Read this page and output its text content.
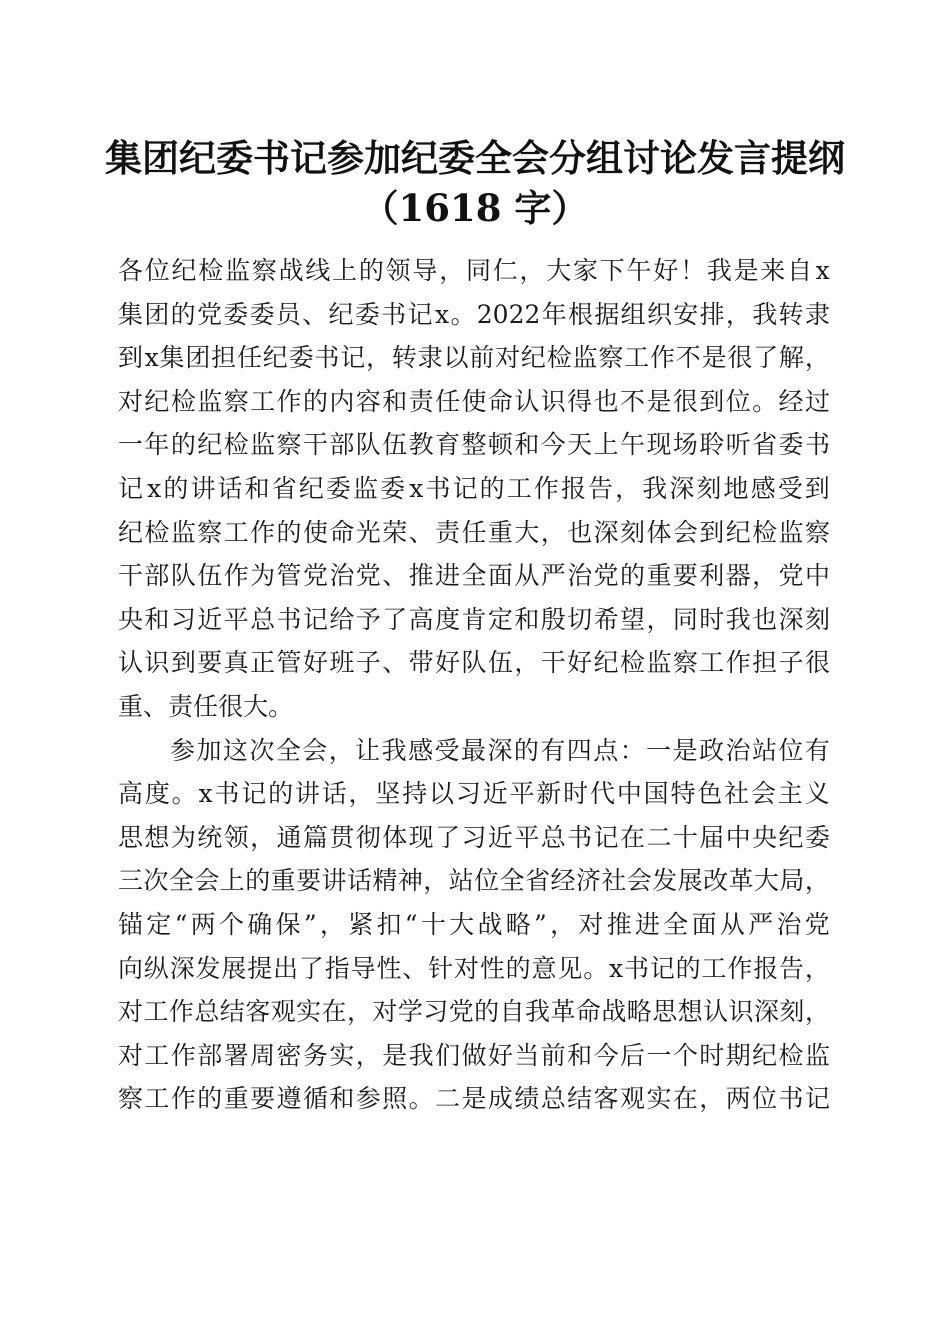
集团纪委书记参加纪委全会分组讨论发言提纲
（1618 字）
各 位 纪 检 监 察 战 线 上 的 领 导 ， 同 仁 ， 大 家 下 午 好 ！ 我 是 来 自 x
集 团 的 党 委 委 员 、 纪 委 书 记 x 。 2022 年 根 据 组 织 安 排 ， 我 转 隶
到 x 集 团 担 任 纪 委 书 记 ， 转 隶 以 前 对 纪 检 监 察 工 作 不 是 很 了 解 ，
对 纪 检 监 察 工 作 的 内 容 和 责 任 使 命 认 识 得 也 不 是 很 到 位 。 经 过
一 年 的 纪 检 监 察 干 部 队 伍 教 育 整 顿 和 今 天 上 午 现 场 聆 听 省 委 书
记 x 的 讲 话 和 省 纪 委 监 委 x 书 记 的 工 作 报 告 ， 我 深 刻 地 感 受 到
纪 检 监 察 工 作 的 使 命 光 荣 、 责 任 重 大 ， 也 深 刻 体 会 到 纪 检 监 察
干 部 队 伍 作 为 管 党 治 党 、 推 进 全 面 从 严 治 党 的 重 要 利 器 ， 党 中
央 和 习 近 平 总 书 记 给 予 了 高 度 肯 定 和 殷 切 希 望 ， 同 时 我 也 深 刻
认 识 到 要 真 正 管 好 班 子 、 带 好 队 伍 ， 干 好 纪 检 监 察 工 作 担 子 很
重 、 责 任 很 大 。
参 加 这 次 全 会 ， 让 我 感 受 最 深 的 有 四 点 ： 一 是 政 治 站 位 有
高 度 。 x 书 记 的 讲 话 ， 坚 持 以 习 近 平 新 时 代 中 国 特 色 社 会 主 义
思 想 为 统 领 ， 通 篇 贯 彻 体 现 了 习 近 平 总 书 记 在 二 十 届 中 央 纪 委
三 次 全 会 上 的 重 要 讲 话 精 神 ， 站 位 全 省 经 济 社 会 发 展 改 革 大 局 ，
锚 定 “ 两 个 确 保 ” ， 紧 扣 “ 十 大 战 略 ” ， 对 推 进 全 面 从 严 治 党
向 纵 深 发 展 提 出 了 指 导 性 、 针 对 性 的 意 见 。 x 书 记 的 工 作 报 告 ，
对 工 作 总 结 客 观 实 在 ， 对 学 习 党 的 自 我 革 命 战 略 思 想 认 识 深 刻 ，
对 工 作 部 署 周 密 务 实 ， 是 我 们 做 好 当 前 和 今 后 一 个 时 期 纪 检 监
察 工 作 的 重 要 遵 循 和 参 照 。 二 是 成 绩 总 结 客 观 实 在 ， 两 位 书 记
